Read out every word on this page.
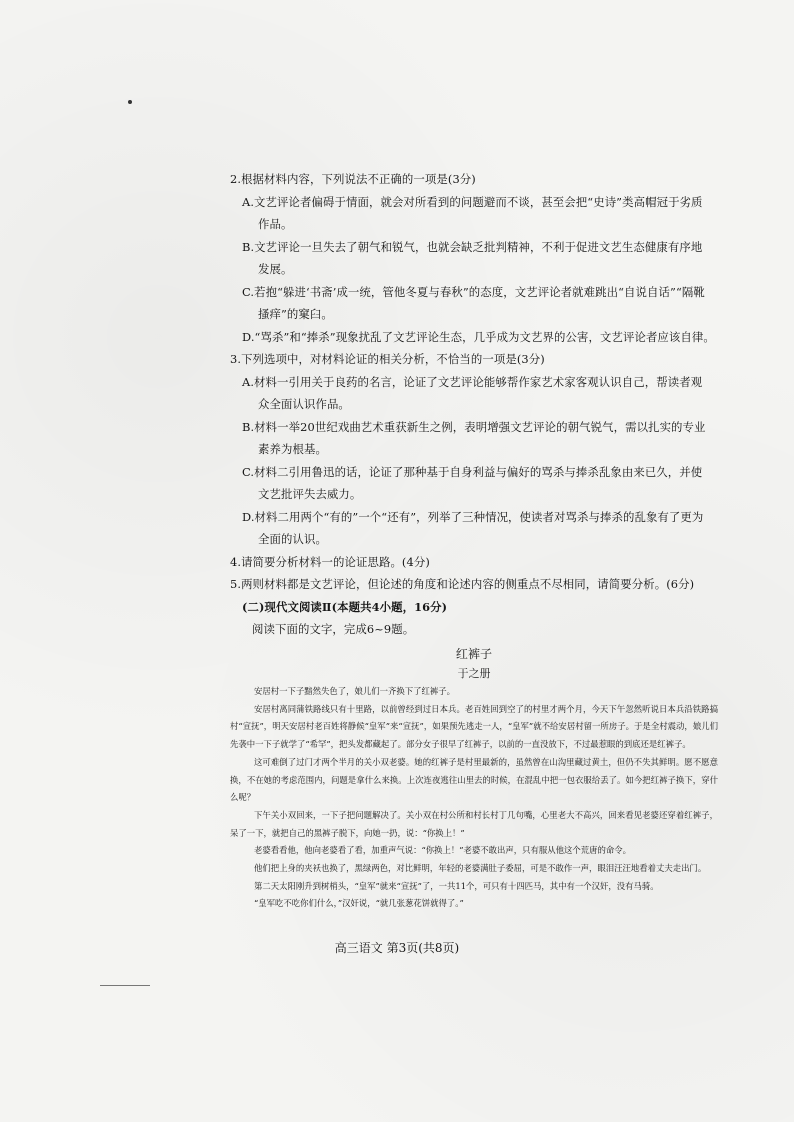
2.根据材料内容，下列说法不正确的一项是(3分)
A.文艺评论者偏碍于情面，就会对所看到的问题避而不谈，甚至会把“史诗”类高帽冠于劣质
作品。
B.文艺评论一旦失去了朝气和锐气，也就会缺乏批判精神，不利于促进文艺生态健康有序地
发展。
C.若抱“躲进‘书斋’成一统，管他冬夏与春秋”的态度，文艺评论者就难跳出“自说自话”“隔靴
搔痒”的窠臼。
D.“骂杀”和“捧杀”现象扰乱了文艺评论生态，几乎成为文艺界的公害，文艺评论者应该自律。
3.下列选项中，对材料论证的相关分析，不恰当的一项是(3分)
A.材料一引用关于良药的名言，论证了文艺评论能够帮作家艺术家客观认识自己，帮读者观
众全面认识作品。
B.材料一举20世纪戏曲艺术重获新生之例，表明增强文艺评论的朝气锐气，需以扎实的专业
素养为根基。
C.材料二引用鲁迅的话，论证了那种基于自身利益与偏好的骂杀与捧杀乱象由来已久，并使
文艺批评失去威力。
D.材料二用两个“有的”一个“还有”，列举了三种情况，使读者对骂杀与捧杀的乱象有了更为
全面的认识。
4.请简要分析材料一的论证思路。(4分)
5.两则材料都是文艺评论，但论述的角度和论述内容的侧重点不尽相同，请简要分析。(6分)
(二)现代文阅读Ⅱ(本题共4小题，16分)
阅读下面的文字，完成6~9题。
红裤子
于之册
安居村一下子黯然失色了，娘儿们一齐换下了红裤子。
安居村离同蒲铁路线只有十里路，以前曾经到过日本兵。老百姓回到空了的村里才两个月，今天下午忽然听说日本兵沿铁路搞村“宣抚”，明天安居村老百姓将静候“皇军”来“宣抚”，如果预先逃走一人，“皇军”就不给安居村留一所房子。于是全村震动，娘儿们先袭中一下子就学了“希罕”，把头发都藏起了。部分女子很早了红裤子，以前的一直没放下，不过最惹眼的到底还是红裤子。
这可难倒了过门才两个半月的关小双老婆。她的红裤子是村里最新的，虽然曾在山沟里藏过黄土，但仍不失其鲜明。愿不愿意换，不在她的考虑范围内，问题是拿什么来换。上次连夜逃往山里去的时候，在混乱中把一包衣服给丢了。如今把红裤子换下，穿什么呢？
下午关小双回来，一下子把问题解决了。关小双在村公所和村长村丁几句嘴，心里老大不高兴，回来看见老婆还穿着红裤子，呆了一下，就把自己的黑裤子脱下，向她一扔，说：“你换上！”
老婆看看他，他向老婆看了看，加重声气说：“你换上！”老婆不敢出声，只有服从他这个荒唐的命令。
他们把上身的夹袄也换了，黑绿两色，对比鲜明，年轻的老婆满肚子委屈，可是不敢作一声，眼泪汪汪地看着丈夫走出门。
第二天太阳刚升到树梢头，“皇军”就来“宣抚”了，一共11个，可只有十四匹马，其中有一个汉奸，没有马骑。
“皇军吃不吃你们什么，”汉奸说，“就几张葱花饼就得了。”
高三语文 第3页(共8页)
